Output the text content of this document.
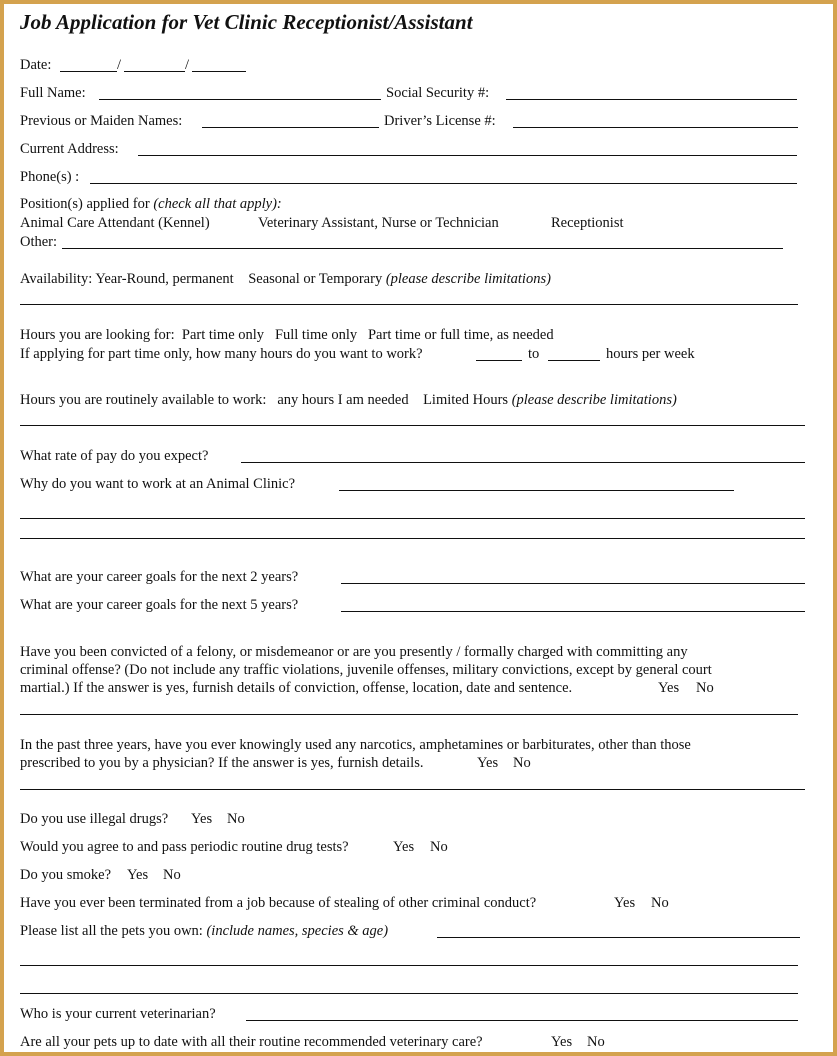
Job Application for Vet Clinic Receptionist/Assistant
Date:	/	/
Full Name:	Social Security #:
Previous or Maiden Names:	Driver’s License #:
Current Address:
Phone(s) :
Position(s) applied for (check all that apply):
Animal Care Attendant (Kennel)	Veterinary Assistant, Nurse or Technician	Receptionist
Other:
Availability: Year-Round, permanent Seasonal or Temporary (please describe limitations)
Hours you are looking for: Part time only Full time only Part time or full time, as needed
If applying for part time only, how many hours do you want to work?	to	hours per week
Hours you are routinely available to work: any hours I am needed Limited Hours (please describe limitations)
What rate of pay do you expect?
Why do you want to work at an Animal Clinic?
What are your career goals for the next 2 years?
What are your career goals for the next 5 years?
Have you been convicted of a felony, or misdemeanor or are you presently / formally charged with committing any
criminal offense? (Do not include any traffic violations, juvenile offenses, military convictions, except by general court
martial.) If the answer is yes, furnish details of conviction, offense, location, date and sentence.	Yes No
In the past three years, have you ever knowingly used any narcotics, amphetamines or barbiturates, other than those
prescribed to you by a physician? If the answer is yes, furnish details.	Yes No
Do you use illegal drugs? Yes No
Would you agree to and pass periodic routine drug tests?	Yes No
Do you smoke? Yes No
Have you ever been terminated from a job because of stealing of other criminal conduct?	Yes No
Please list all the pets you own: (include names, species & age)
Who is your current veterinarian?
Are all your pets up to date with all their routine recommended veterinary care?	Yes No
